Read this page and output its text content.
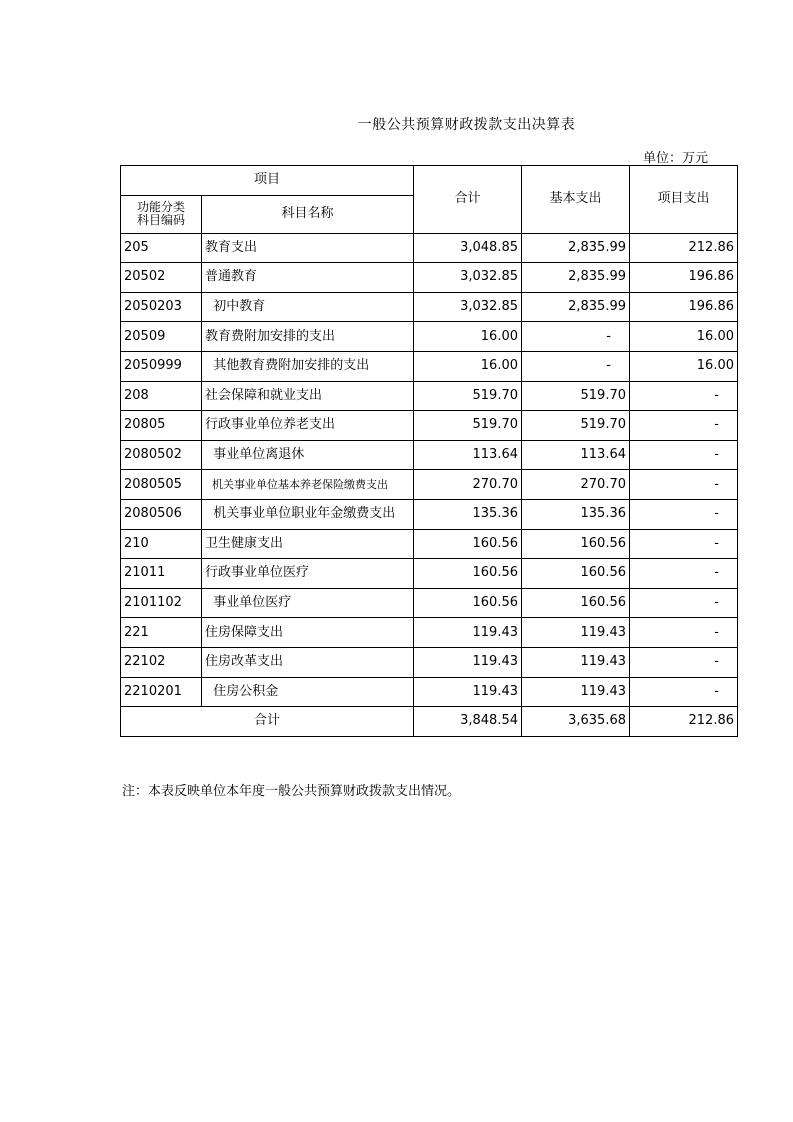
一般公共预算财政拨款支出决算表
单位：万元
项目		合计	基本支出	项目支出

功能分类
科目编码	科目名称			
205	教育支出	3,048.85	2,835.99	212.86
20502	普通教育	3,032.85	2,835.99	196.86
2050203	初中教育	3,032.85	2,835.99	196.86
20509	教育费附加安排的支出	16.00	-	16.00
2050999	其他教育费附加安排的支出	16.00	-	16.00
208	社会保障和就业支出	519.70	519.70	-
20805	行政事业单位养老支出	519.70	519.70	-
2080502	事业单位离退休	113.64	113.64	-
2080505	机关事业单位基本养老保险缴费支出	270.70	270.70	-
2080506	机关事业单位职业年金缴费支出	135.36	135.36	-
210	卫生健康支出	160.56	160.56	-
21011	行政事业单位医疗	160.56	160.56	-
2101102	事业单位医疗	160.56	160.56	-
221	住房保障支出	119.43	119.43	-
22102	住房改革支出	119.43	119.43	-
2210201	住房公积金	119.43	119.43	-
合计		3,848.54	3,635.68	212.86
注：本表反映单位本年度一般公共预算财政拨款支出情况。
